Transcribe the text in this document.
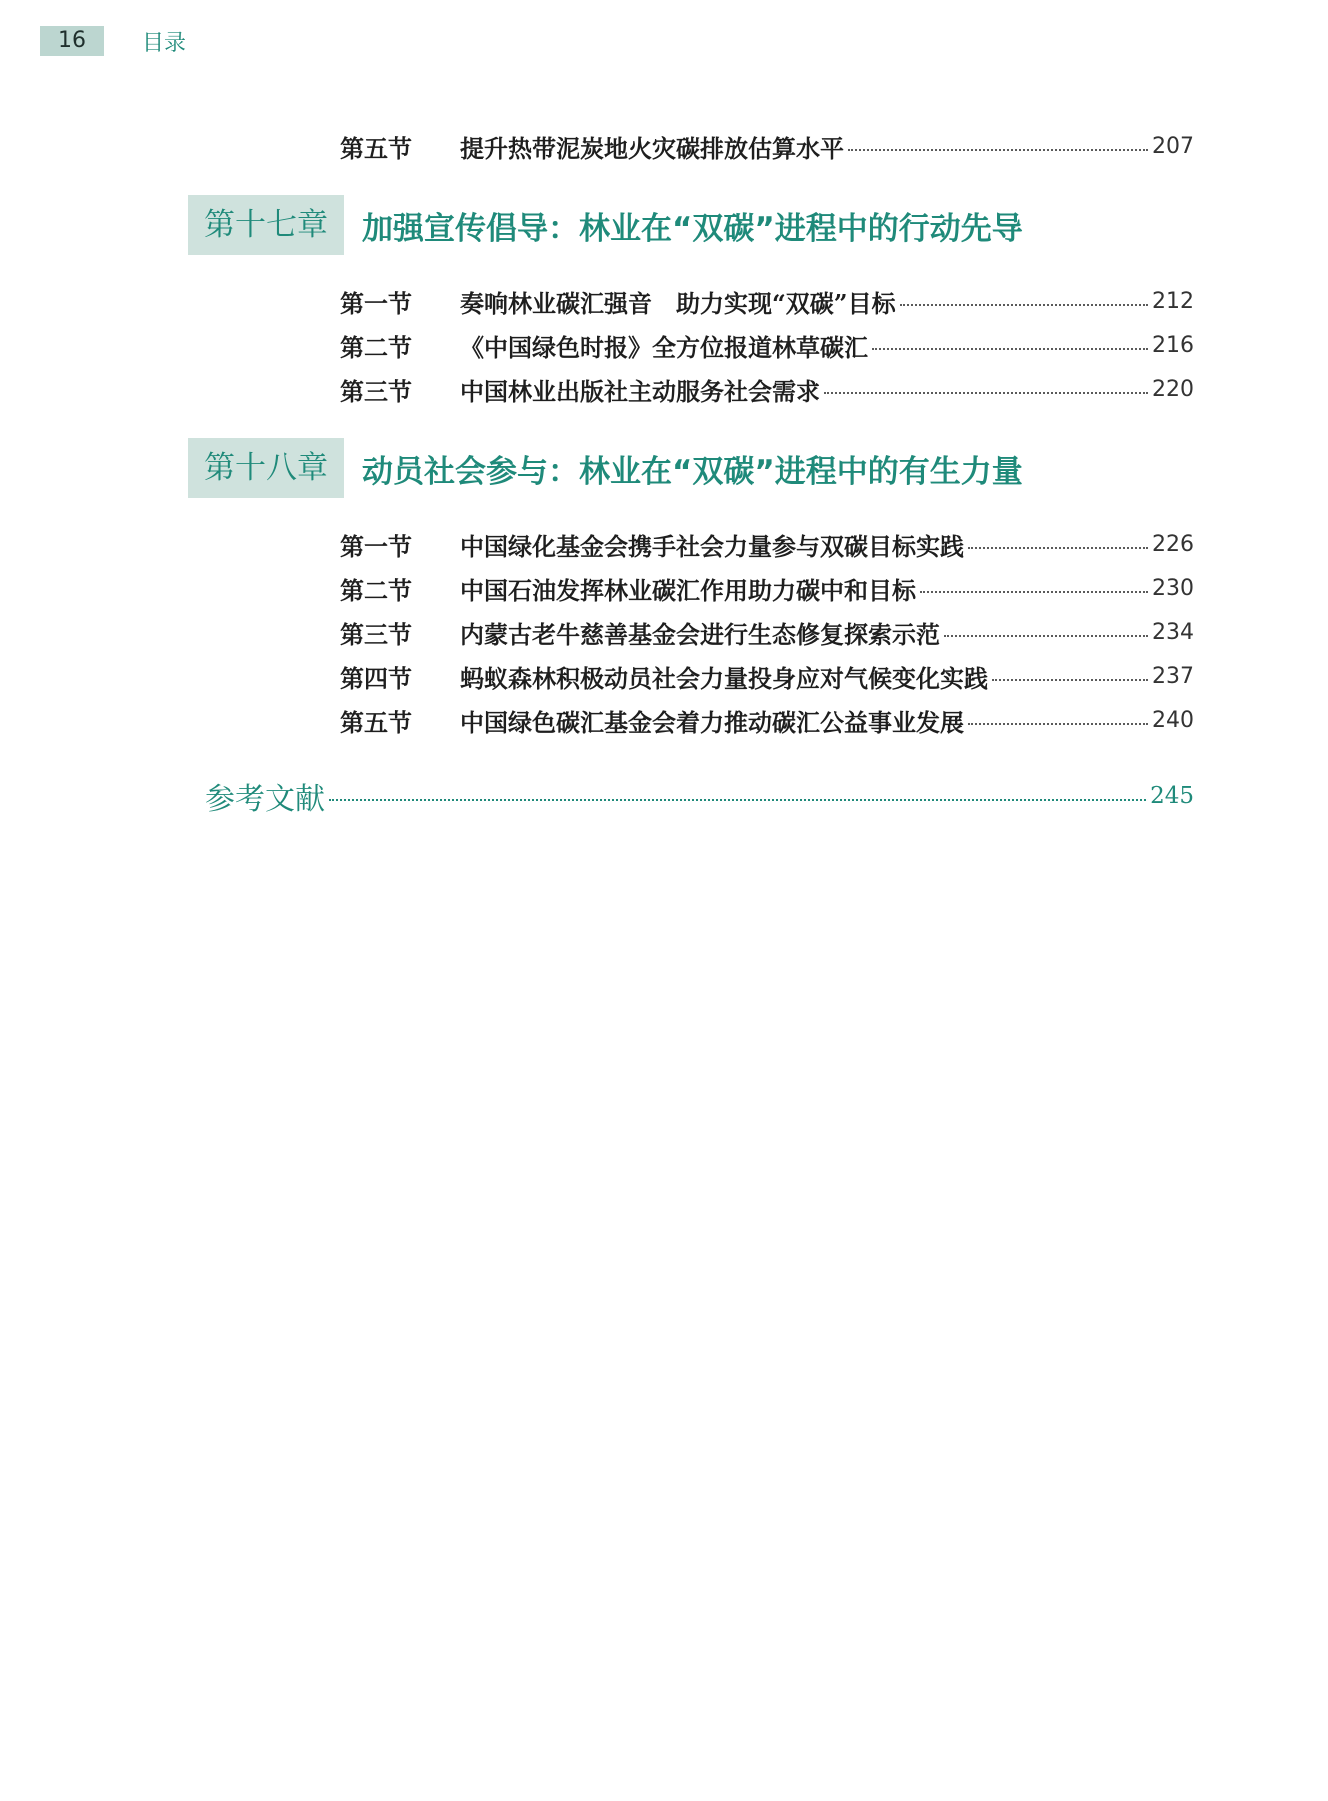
16	目录
第五节	提升热带泥炭地火灾碳排放估算水平	207
第十七章	加强宣传倡导：林业在“双碳”进程中的行动先导
第一节	奏响林业碳汇强音　助力实现“双碳”目标	212
第二节	《中国绿色时报》全方位报道林草碳汇	216
第三节	中国林业出版社主动服务社会需求	220
第十八章	动员社会参与：林业在“双碳”进程中的有生力量
第一节	中国绿化基金会携手社会力量参与双碳目标实践	226
第二节	中国石油发挥林业碳汇作用助力碳中和目标	230
第三节	内蒙古老牛慈善基金会进行生态修复探索示范	234
第四节	蚂蚁森林积极动员社会力量投身应对气候变化实践	237
第五节	中国绿色碳汇基金会着力推动碳汇公益事业发展	240
参考文献	245
